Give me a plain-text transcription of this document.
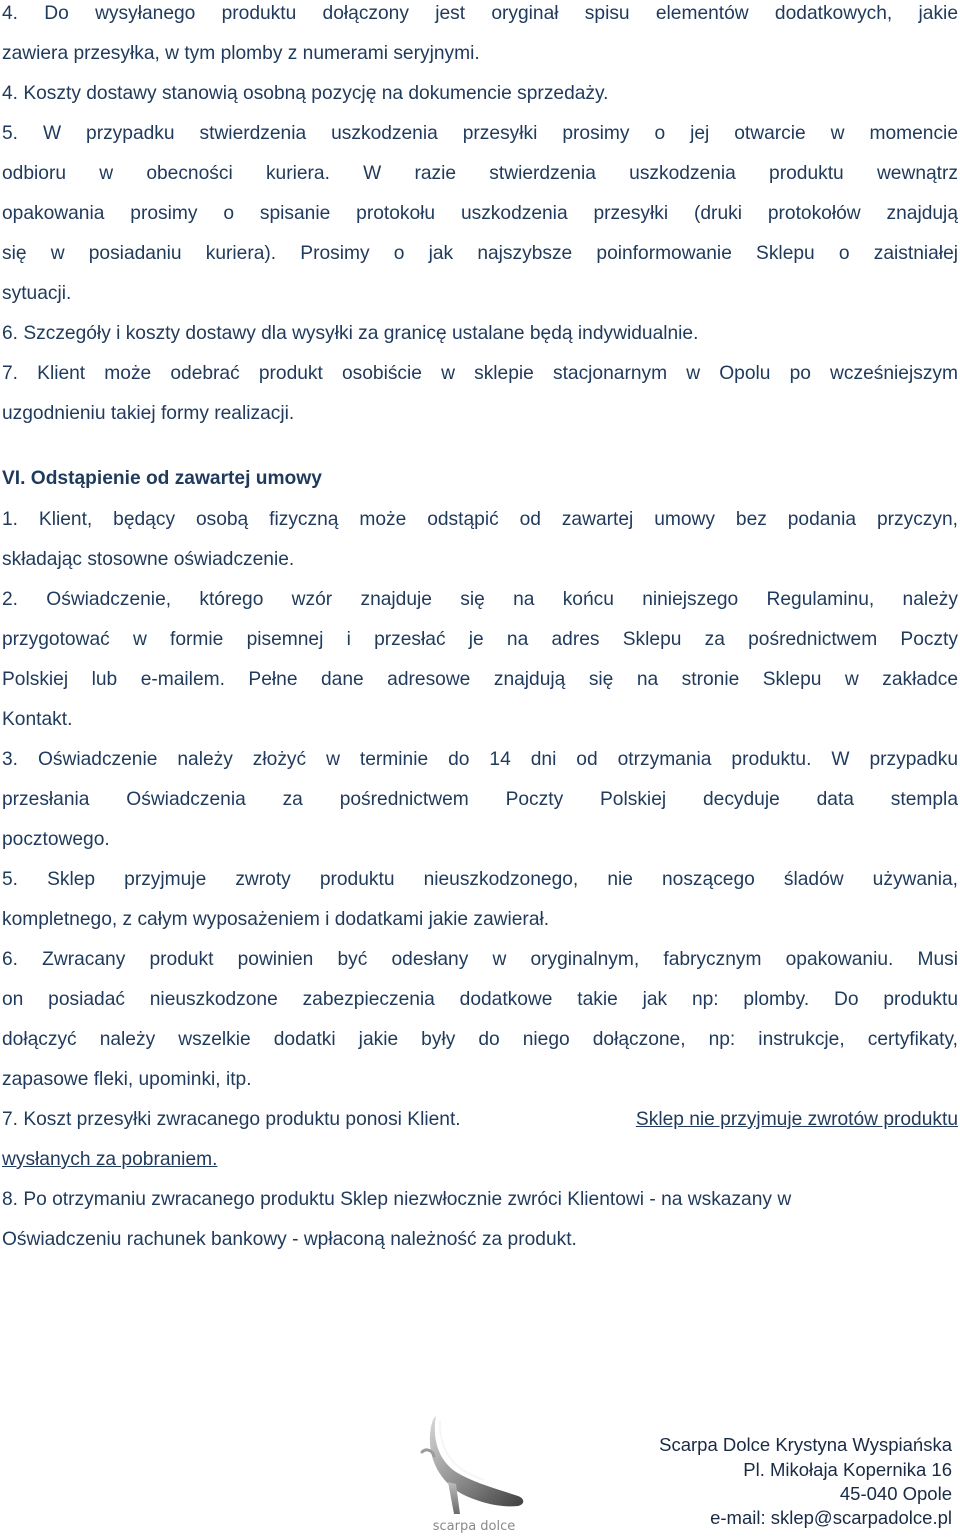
4. Do wysyłanego produktu dołączony jest oryginał spisu elementów dodatkowych, jakie
zawiera przesyłka, w tym plomby z numerami seryjnymi.
4. Koszty dostawy stanowią osobną pozycję na dokumencie sprzedaży.
5. W przypadku stwierdzenia uszkodzenia przesyłki prosimy o jej otwarcie w momencie
odbioru w obecności kuriera. W razie stwierdzenia uszkodzenia produktu wewnątrz
opakowania prosimy o spisanie protokołu uszkodzenia przesyłki (druki protokołów znajdują
się w posiadaniu kuriera). Prosimy o jak najszybsze poinformowanie Sklepu o zaistniałej
sytuacji.
6. Szczegóły i koszty dostawy dla wysyłki za granicę ustalane będą indywidualnie.
7. Klient może odebrać produkt osobiście w sklepie stacjonarnym w Opolu po wcześniejszym
uzgodnieniu takiej formy realizacji.
VI. Odstąpienie od zawartej umowy
1. Klient, będący osobą fizyczną może odstąpić od zawartej umowy bez podania przyczyn,
składając stosowne oświadczenie.
2. Oświadczenie, którego wzór znajduje się na końcu niniejszego Regulaminu, należy
przygotować w formie pisemnej i przesłać je na adres Sklepu za pośrednictwem Poczty
Polskiej lub e-mailem. Pełne dane adresowe znajdują się na stronie Sklepu w zakładce
Kontakt.
3. Oświadczenie należy złożyć w terminie do 14 dni od otrzymania produktu. W przypadku
przesłania Oświadczenia za pośrednictwem Poczty Polskiej decyduje data stempla
pocztowego.
5. Sklep przyjmuje zwroty produktu nieuszkodzonego, nie noszącego śladów używania,
kompletnego, z całym wyposażeniem i dodatkami jakie zawierał.
6. Zwracany produkt powinien być odesłany w oryginalnym, fabrycznym opakowaniu. Musi
on posiadać nieuszkodzone zabezpieczenia dodatkowe takie jak np: plomby. Do produktu
dołączyć należy wszelkie dodatki jakie były do niego dołączone, np: instrukcje, certyfikaty,
zapasowe fleki, upominki, itp.
7. Koszt przesyłki zwracanego produktu ponosi Klient.	Sklep nie przyjmuje zwrotów produktu
wysłanych za pobraniem.
8. Po otrzymaniu zwracanego produktu Sklep niezwłocznie zwróci Klientowi - na wskazany w
Oświadczeniu rachunek bankowy - wpłaconą należność za produkt.
scarpa dolce
Scarpa Dolce Krystyna Wyspiańska
Pl. Mikołaja Kopernika 16
45-040 Opole
e-mail: sklep@scarpadolce.pl
